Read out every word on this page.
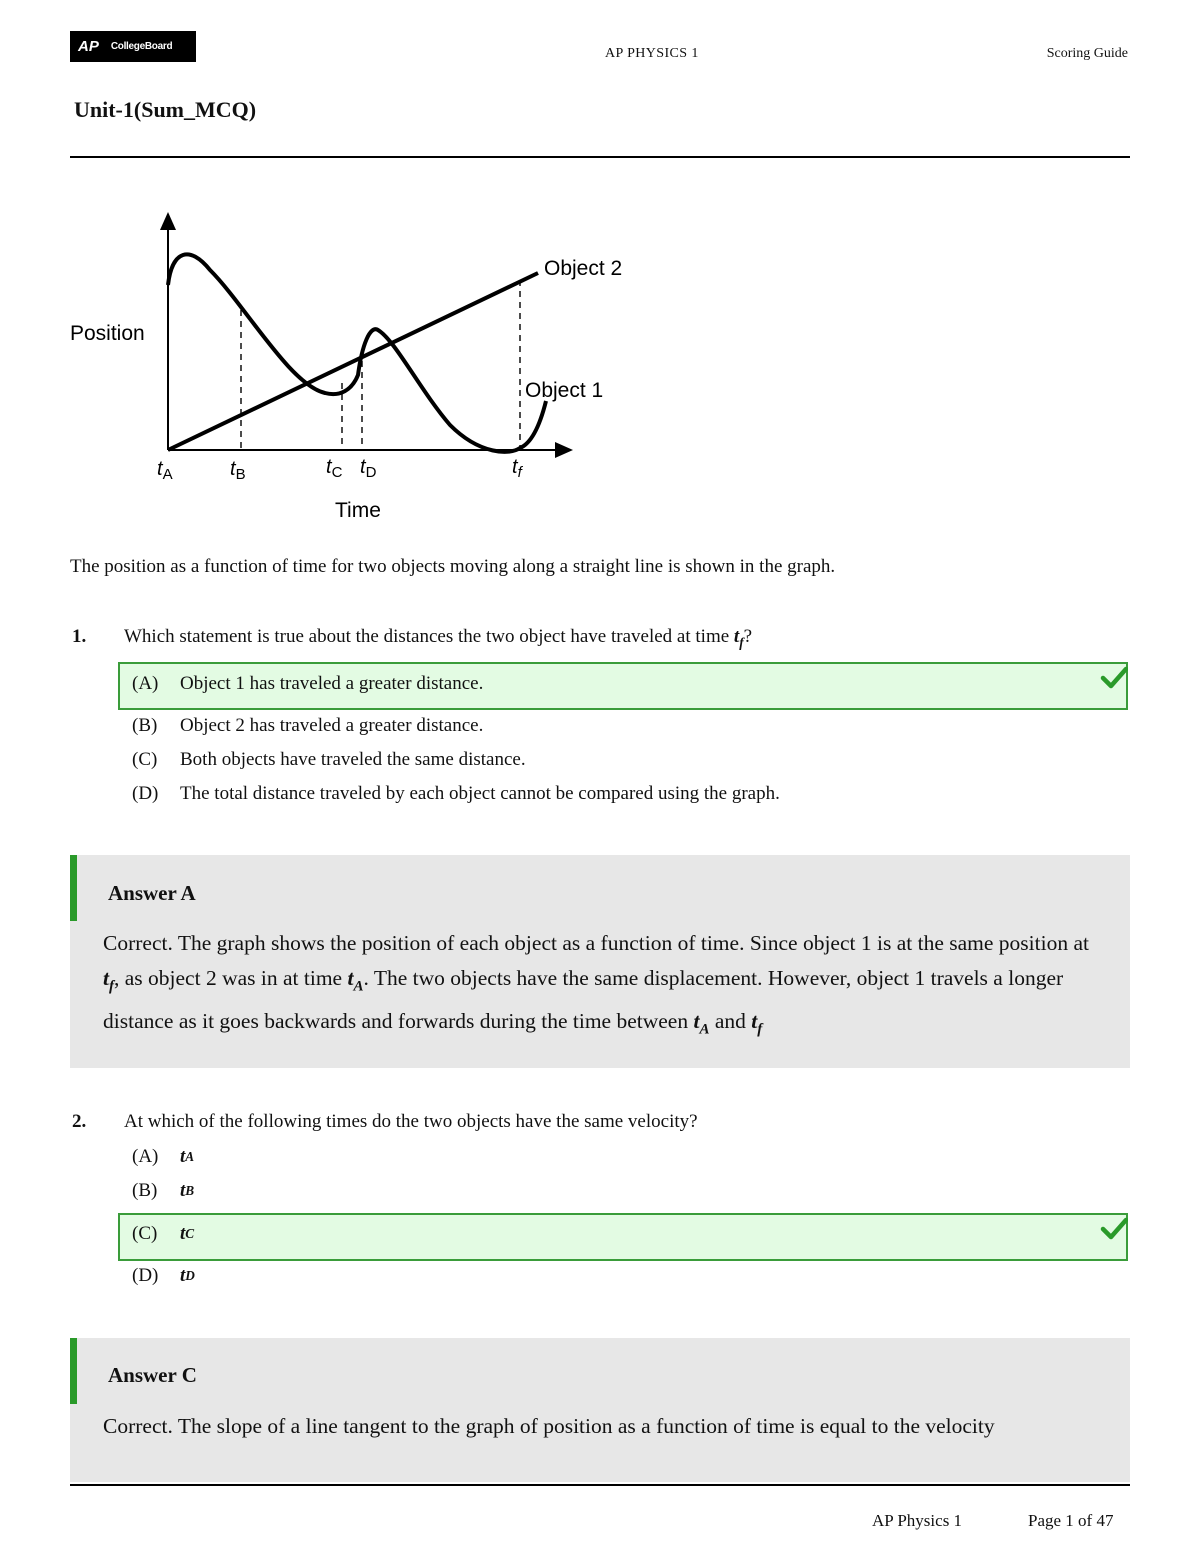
AP CollegeBoard	AP PHYSICS 1	Scoring Guide
Unit-1(Sum_MCQ)
Position
Time
Object 2
Object 1
$t_A$	$t_B$	$t_C$ $t_D$	$t_f$
The position as a function of time for two objects moving along a straight line is shown in the graph.
1. Which statement is true about the distances the two object have traveled at time $t_f$?
(A)	Object 1 has traveled a greater distance.
(B)	Object 2 has traveled a greater distance.
(C)	Both objects have traveled the same distance.
(D)	The total distance traveled by each object cannot be compared using the graph.
Answer A
Correct. The graph shows the position of each object as a function of time. Since object 1 is at the same position at $t_f$, as object 2 was in at time $t_A$. The two objects have the same displacement. However, object 1 travels a longer distance as it goes backwards and forwards during the time between $t_A$ and $t_f$
2. At which of the following times do the two objects have the same velocity?
(A)	t A
(B)	t B
(C)	t C
(D)	t D
Answer C
Correct. The slope of a line tangent to the graph of position as a function of time is equal to the velocity
AP Physics 1	Page 1 of 47
